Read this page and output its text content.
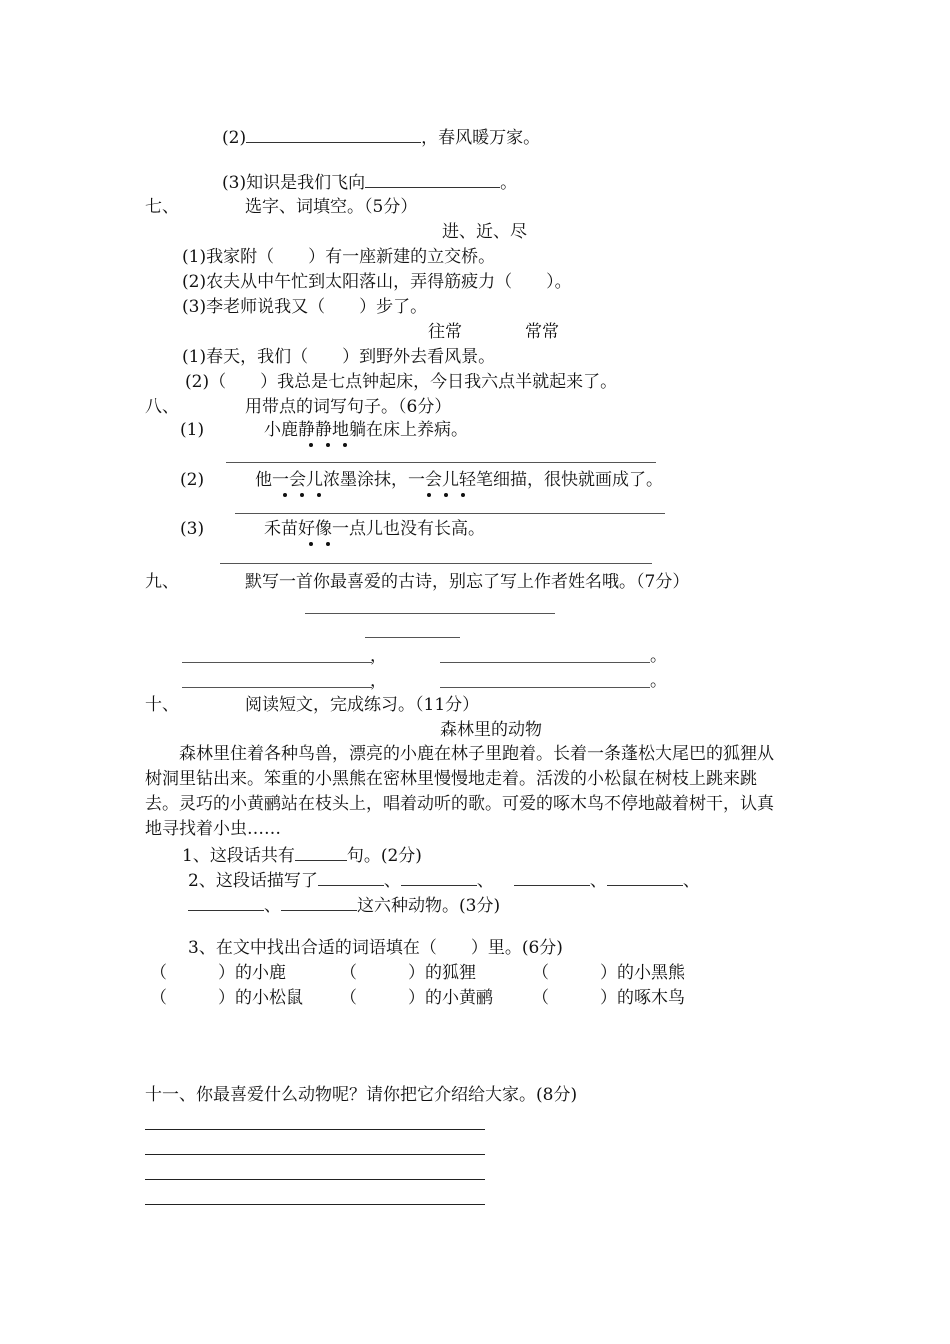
(2)	，春风暖万家。
(3)知识是我们飞向	。
七、	选字、词填空。（5分）
进、近、尽
(1)我家附（　　）有一座新建的立交桥。
(2)农夫从中午忙到太阳落山，弄得筋疲力（　　）。
(3)李老师说我又（　　）步了。
往常	常常
(1)春天，我们（　　）到野外去看风景。
(2)（　　）我总是七点钟起床，今日我六点半就起来了。
八、	用带点的词写句子。（6分）
(1)	小鹿静静地躺在床上养病。
(2)	他一会儿浓墨涂抹，一会儿轻笔细描，很快就画成了。
(3)	禾苗好像一点儿也没有长高。
九、	默写一首你最喜爱的古诗，别忘了写上作者姓名哦。（7分）
，	。
，	。
十、	阅读短文，完成练习。（11分）
森林里的动物
森林里住着各种鸟兽，漂亮的小鹿在林子里跑着。长着一条蓬松大尾巴的狐狸从树洞里钻出来。笨重的小黑熊在密林里慢慢地走着。活泼的小松鼠在树枝上跳来跳去。灵巧的小黄鹂站在枝头上，唱着动听的歌。可爱的啄木鸟不停地敲着树干，认真地寻找着小虫……
1、这段话共有	句。(2分)
2、这段话描写了	、	、	、	、
、	这六种动物。(3分)
3、在文中找出合适的词语填在（　　）里。(6分)
（　　　）的小鹿	（　　　）的狐狸	（　　　）的小黑熊
（　　　）的小松鼠 （　　　）的小黄鹂 （　　　）的啄木鸟
十一、你最喜爱什么动物呢？请你把它介绍给大家。(8分)
